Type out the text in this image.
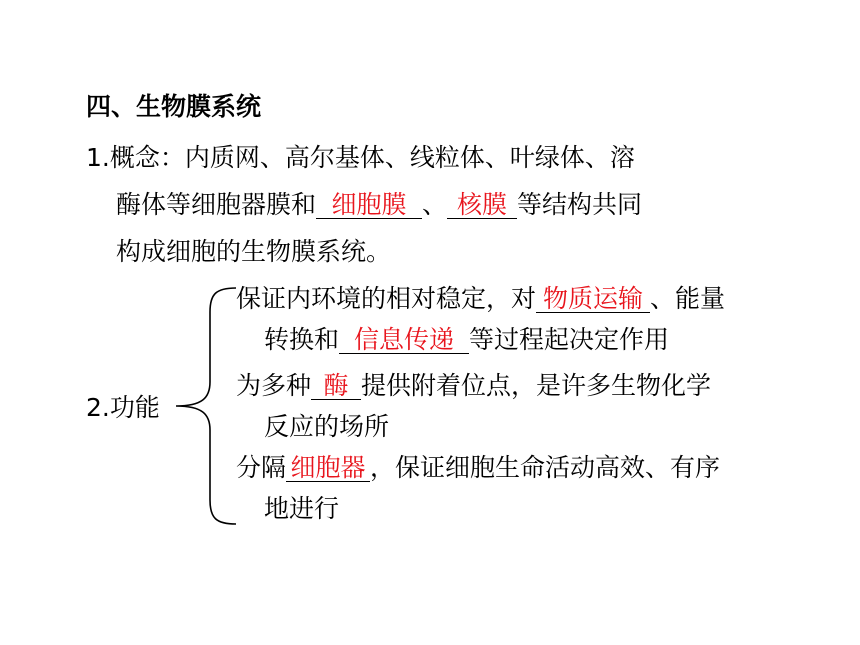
四、生物膜系统
1.概念：内质网、高尔基体、线粒体、叶绿体、溶
酶体等细胞器膜和 细胞膜 、 核膜 等结构共同
构成细胞的生物膜系统。
2.功能
保证内环境的相对稳定，对 物质运输 、能量
转换和 信息传递 等过程起决定作用
为多种 酶 提供附着位点，是许多生物化学
反应的场所
分隔 细胞器 ，保证细胞生命活动高效、有序
地进行
